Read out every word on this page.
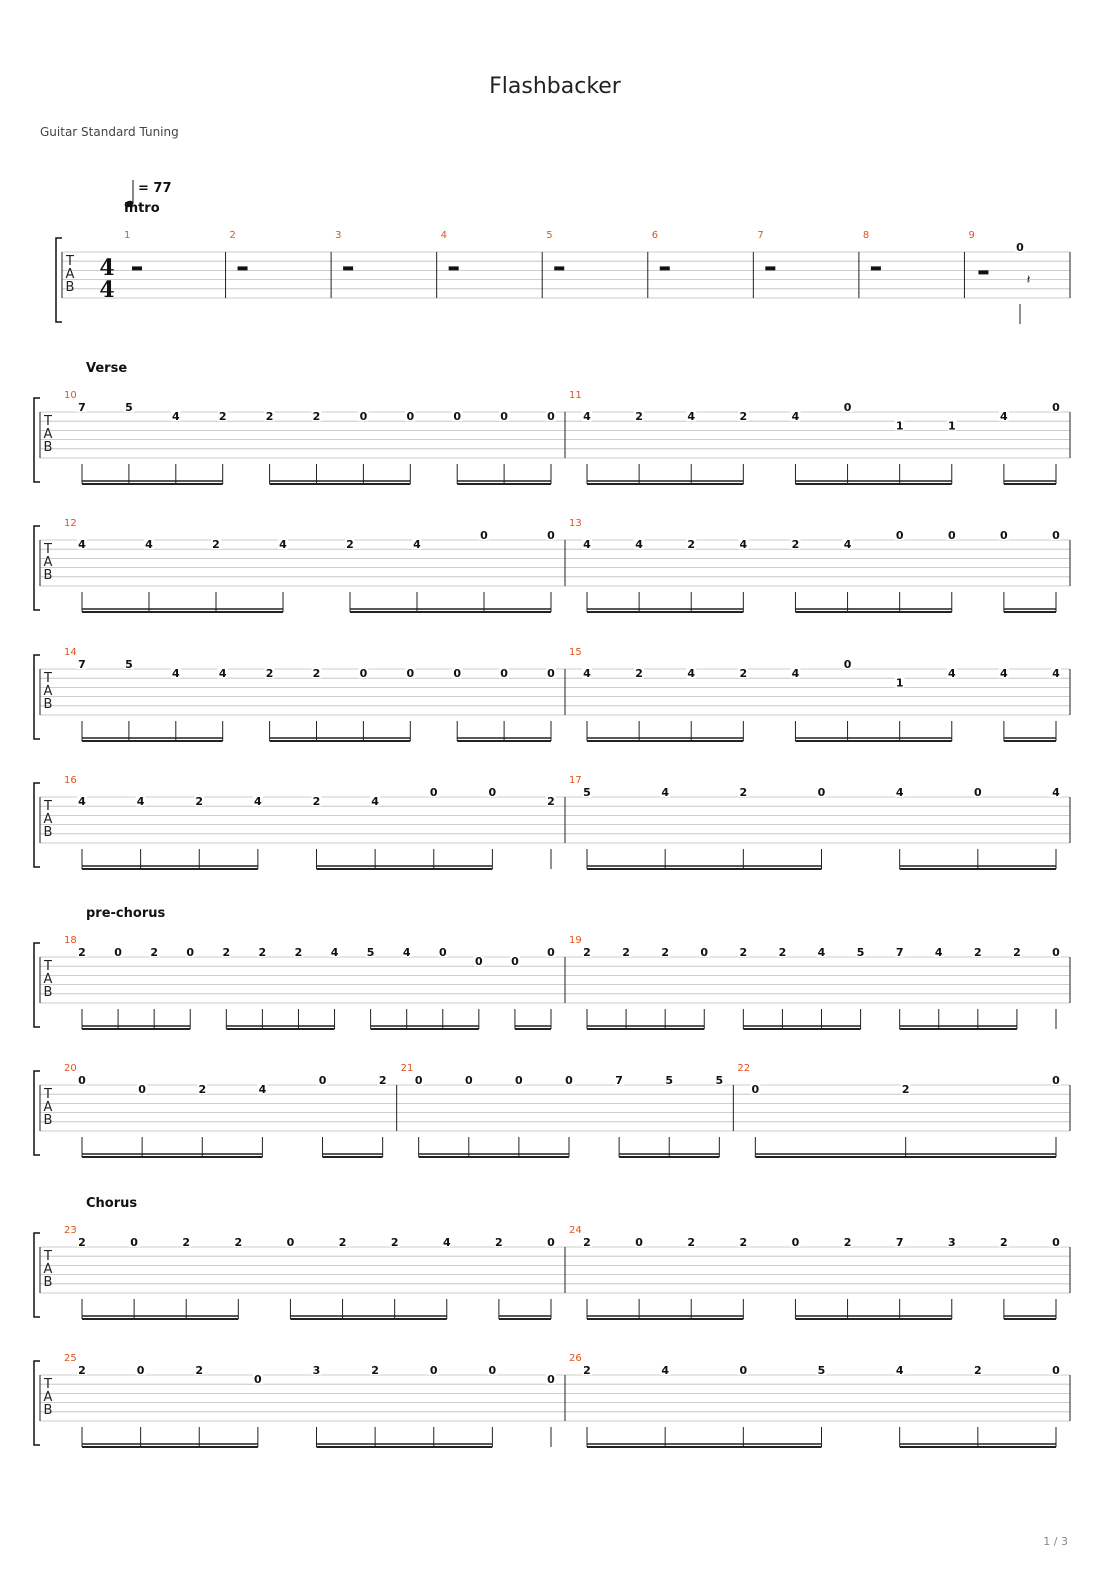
Flashbacker
Guitar Standard Tuning
= 77
T
A
B
4
4
Intro
1	2	3	4	5	6	7	8	9
𝄽
0
T
A
B
Verse
10
7	5
4	2	2	2	0	0	0	0	0
11
4	2	4	2	4
0
1	1
4
0
T
A
B
12
4	4	2	4	2	4
0	0
13
4	4	2	4	2	4
0	0	0	0
T
A
B
14
7	5
4	4	2	2	0	0	0	0	0
15
4	2	4	2	4
0
1
4	4	4
T
A
B
16
4	4	2	4	2	4
0	0
2
17
5	4	2	0	4	0	4
T
A
B
pre-chorus
18
2	0	2	0	2	2	2	4	5	4	0
0	0
0
19
2	2	2	0	2	2	4	5	7	4	2	2	0
T
A
B
20
0
0	2	4
0	2
21
0	0	0	0	7	5	5
22
0	2
0
T
A
B
Chorus
23
2	0	2	2	0	2	2	4	2	0
24
2	0	2	2	0	2	7	3	2	0
T
A
B
25
2	0	2
0
3	2	0	0
0
26
2	4	0	5	4	2	0
1 / 3
